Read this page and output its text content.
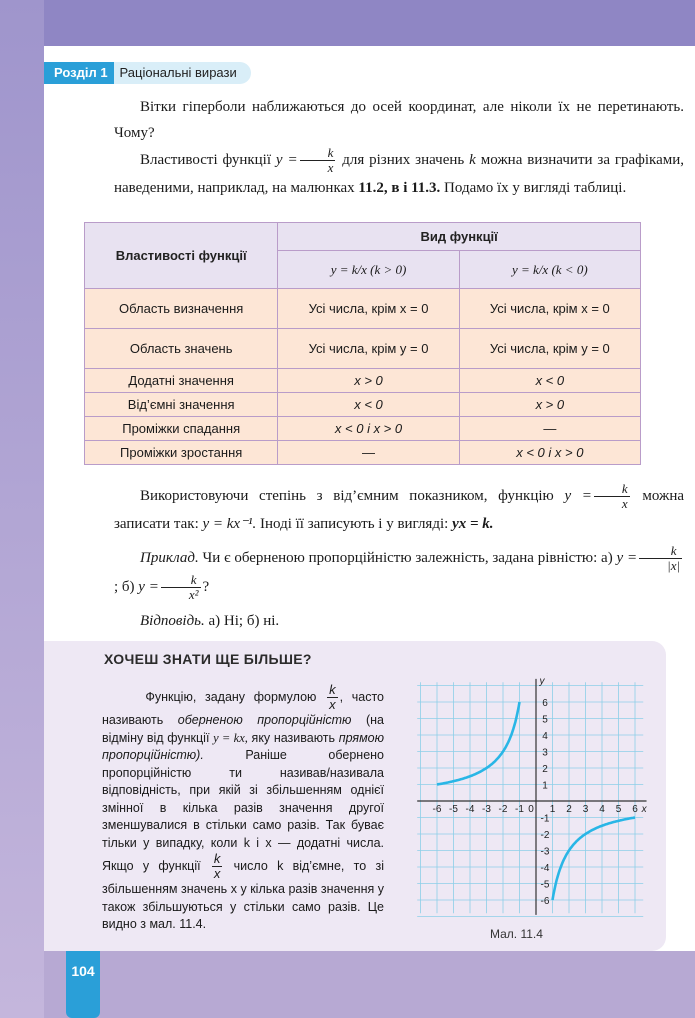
Розділ 1 Раціональні вирази
Вітки гіперболи наближаються до осей координат, але ніколи їх не перетинають. Чому?
Властивості функції $y = \frac{k}{x}$ для різних значень k можна визначити за графіками, наведеними, наприклад, на малюнках 11.2, в і 11.3. Подамо їх у вигляді таблиці.
Властивості функції	Вид функції	
	y = k/x (k > 0)	y = k/x (k < 0)
Область визначення	Усі числа, крім x = 0	Усі числа, крім x = 0
Область значень	Усі числа, крім y = 0	Усі числа, крім y = 0
Додатні значення	x > 0	x < 0
Від’ємні значення	x < 0	x > 0
Проміжки спадання	x < 0 і x > 0	—
Проміжки зростання	—	x < 0 і x > 0
Використовуючи степінь з від’ємним показником, функцію $y = \frac{k}{x}$ можна записати так: y = kx⁻¹. Іноді її записують і у вигляді: yx = k.
Приклад. Чи є оберненою пропорційністю залежність, задана рівністю: а) $y = \frac{k}{|x|}$
; б) $y = \frac{k}{\text{x²}}$ ?
Відповідь. а) Ні; б) ні.
ХОЧЕШ ЗНАТИ ЩЕ БІЛЬШЕ?
Функцію, задану формулою $\frac{k}{x}$ , часто називають оберненою пропорційністю (на відміну від функції y = kx, яку називають прямою пропорційністю).	Раніше обернено пропорційністю ти називав/називала відповідність, при якій зі збільшенням однієї змінної в кілька разів значення другої зменшувалися в стільки само разів. Так буває тільки у випадку, коли k і x — додатні числа. Якщо у функції $\frac{k}{x}$ число k від’ємне, то зі збільшенням значень x у кілька разів значення y також збільшуються у стільки само разів. Це видно з мал. 11.4.
-6 -5 -4 -3 -2 -1 0 1 2 3 4 5 6
6
5
4
3
2
1
-1
-2
-3
-4
-5
-6
x
y
Мал. 11.4
104
